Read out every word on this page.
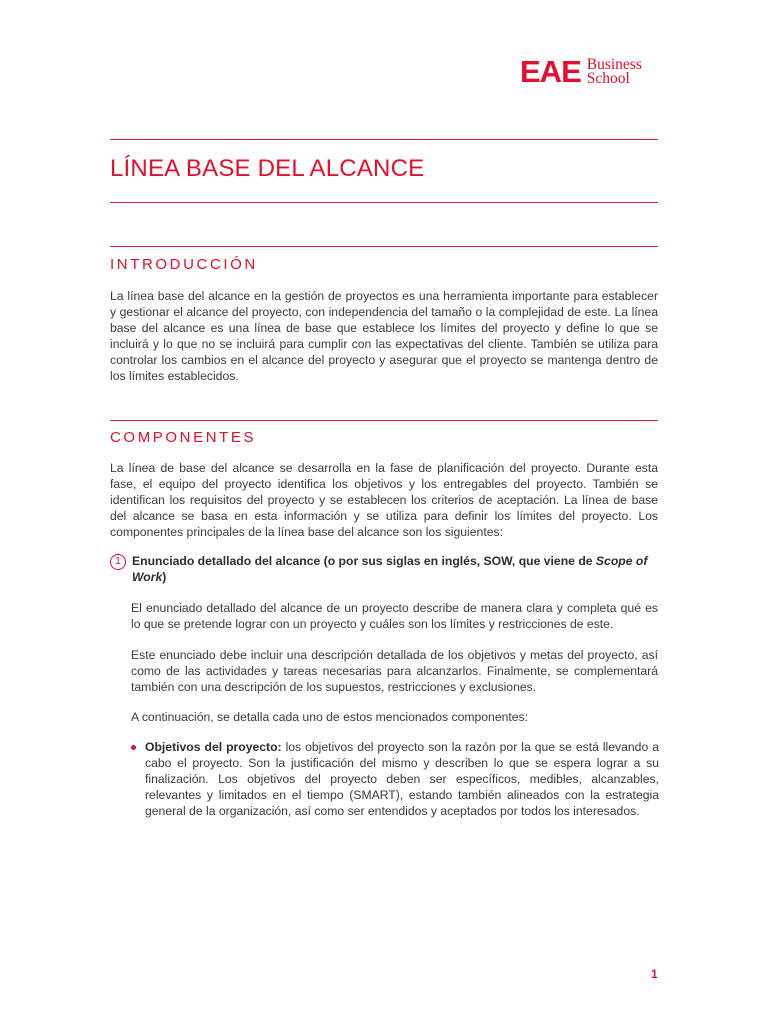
EAE Business
School
LÍNEA BASE DEL ALCANCE
INTRODUCCIÓN

La línea base del alcance en la gestión de proyectos es una herramienta importante para establecer y gestionar el alcance del proyecto, con independencia del tamaño o la complejidad de este. La línea base del alcance es una línea de base que establece los límites del proyecto y define lo que se incluirá y lo que no se incluirá para cumplir con las expectativas del cliente. También se utiliza para controlar los cambios en el alcance del proyecto y asegurar que el proyecto se mantenga dentro de los límites establecidos.

COMPONENTES

La línea de base del alcance se desarrolla en la fase de planificación del proyecto. Durante esta fase, el equipo del proyecto identifica los objetivos y los entregables del proyecto. También se identifican los requisitos del proyecto y se establecen los criterios de aceptación. La línea de base del alcance se basa en esta información y se utiliza para definir los límites del proyecto. Los componentes principales de la línea base del alcance son los siguientes:

1 Enunciado detallado del alcance (o por sus siglas en inglés, SOW, que viene de Scope of Work)

El enunciado detallado del alcance de un proyecto describe de manera clara y completa qué es lo que se pretende lograr con un proyecto y cuáles son los límites y restricciones de este.

Este enunciado debe incluir una descripción detallada de los objetivos y metas del proyecto, así como de las actividades y tareas necesarias para alcanzarlos. Finalmente, se complementará también con una descripción de los supuestos, restricciones y exclusiones.

A continuación, se detalla cada uno de estos mencionados componentes:

Objetivos del proyecto: los objetivos del proyecto son la razón por la que se está llevando a cabo el proyecto. Son la justificación del mismo y describen lo que se espera lograr a su finalización. Los objetivos del proyecto deben ser específicos, medibles, alcanzables, relevantes y limitados en el tiempo (SMART), estando también alineados con la estrategia general de la organización, así como ser entendidos y aceptados por todos los interesados.
1
